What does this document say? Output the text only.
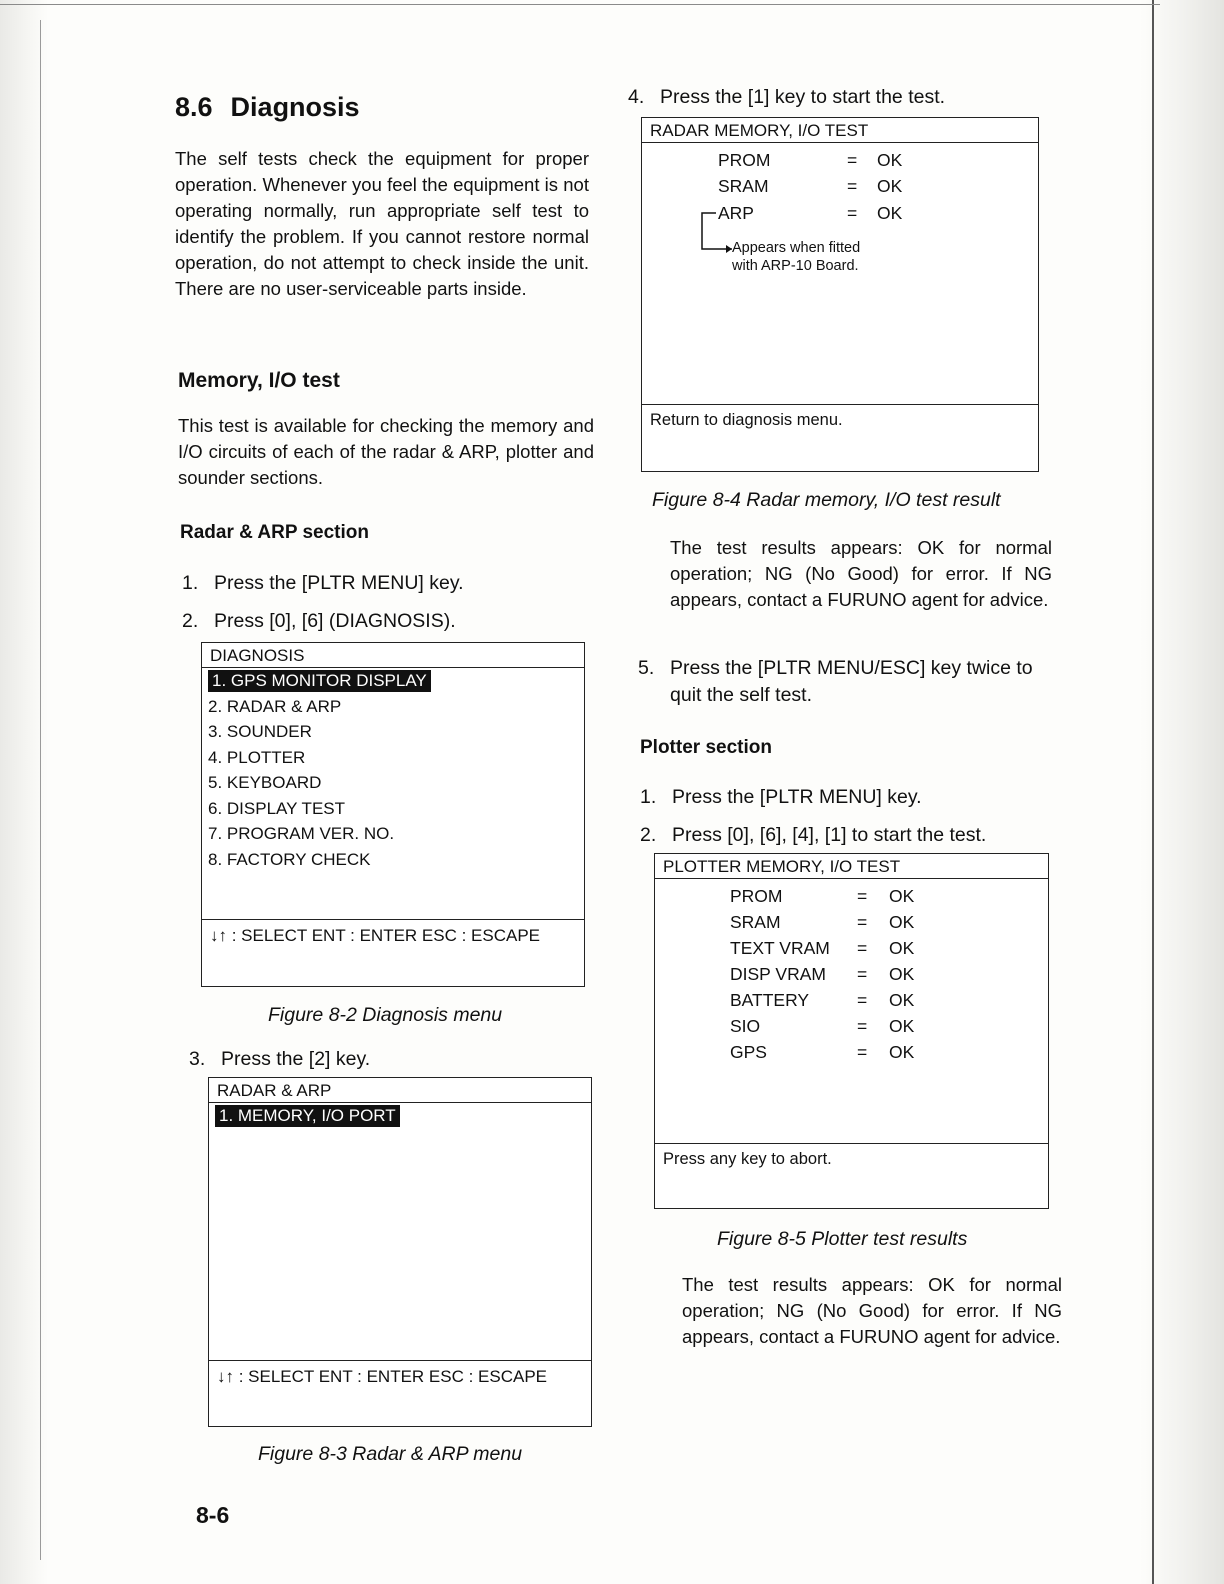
8.6 Diagnosis
The self tests check the equipment for proper operation. Whenever you feel the equipment is not operating normally, run appropriate self test to identify the problem. If you cannot restore normal operation, do not attempt to check inside the unit. There are no user-serviceable parts inside.
Memory, I/O test
This test is available for checking the memory and I/O circuits of each of the radar & ARP, plotter and sounder sections.
Radar & ARP section
1. Press the [PLTR MENU] key.
2. Press [0], [6] (DIAGNOSIS).
DIAGNOSIS
1. GPS MONITOR DISPLAY
2. RADAR & ARP
3. SOUNDER
4. PLOTTER
5. KEYBOARD
6. DISPLAY TEST
7. PROGRAM VER. NO.
8. FACTORY CHECK
↓↑ : SELECT ENT : ENTER ESC : ESCAPE
Figure 8-2 Diagnosis menu
3. Press the [2] key.
RADAR & ARP
1. MEMORY, I/O PORT
↓↑ : SELECT ENT : ENTER ESC : ESCAPE
Figure 8-3 Radar & ARP menu
8-6
4. Press the [1] key to start the test.
RADAR MEMORY, I/O TEST
PROM	= OK
SRAM	= OK
ARP	= OK
Appears when fitted
with ARP-10 Board.
Return to diagnosis menu.
Figure 8-4 Radar memory, I/O test result
The test results appears: OK for normal operation; NG (No Good) for error. If NG appears, contact a FURUNO agent for advice.
5. Press the [PLTR MENU/ESC] key twice to quit the self test.
Plotter section
1. Press the [PLTR MENU] key.
2. Press [0], [6], [4], [1] to start the test.
PLOTTER MEMORY, I/O TEST
PROM	= OK
SRAM	= OK
TEXT VRAM = OK
DISP VRAM = OK
BATTERY	= OK
SIO	= OK
GPS	= OK
Press any key to abort.
Figure 8-5 Plotter test results
The test results appears: OK for normal operation; NG (No Good) for error. If NG appears, contact a FURUNO agent for advice.
